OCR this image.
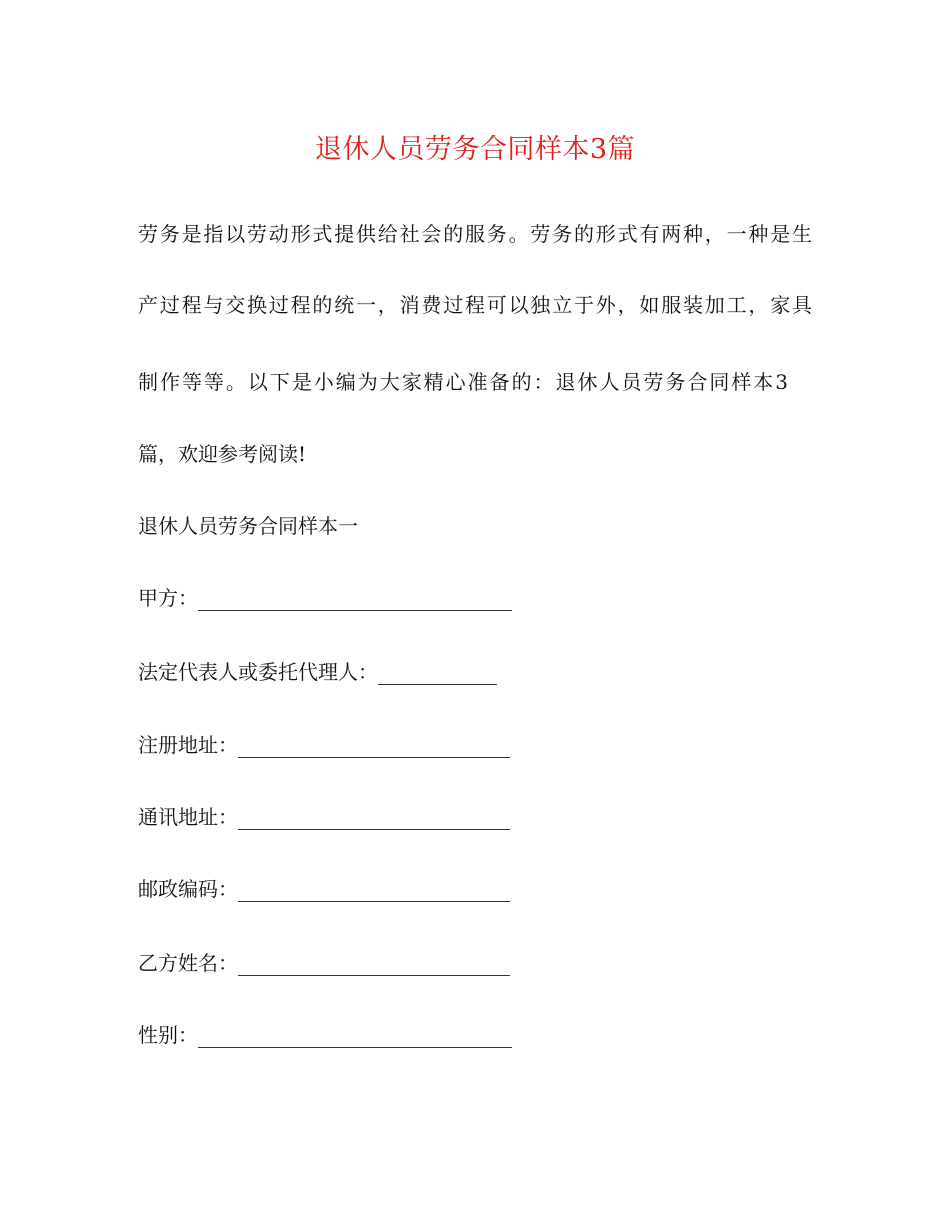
退休人员劳务合同样本3篇
劳务是指以劳动形式提供给社会的服务。劳务的形式有两种，一种是生
产过程与交换过程的统一，消费过程可以独立于外，如服装加工，家具
制作等等。以下是小编为大家精心准备的：退休人员劳务合同样本3
篇，欢迎参考阅读!
退休人员劳务合同样本一
甲方：
法定代表人或委托代理人：
注册地址：
通讯地址：
邮政编码：
乙方姓名：
性别：
